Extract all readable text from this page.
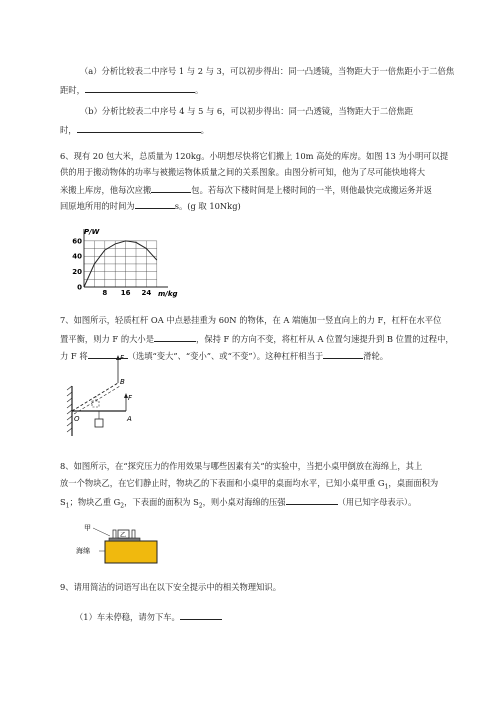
（a）分析比较表二中序号 1 与 2 与 3，可以初步得出：同一凸透镜，当物距大于一倍焦距小于二倍焦
距时，	。
（b）分析比较表二中序号 4 与 5 与 6，可以初步得出：同一凸透镜，当物距大于二倍焦距
时，	。
6、现有 20 包大米，总质量为 120kg。小明想尽快将它们搬上 10m 高处的库房。如图 13 为小明可以提
供的用于搬动物体的功率与被搬运物体质量之间的关系图象。由图分析可知，他为了尽可能快地将大
米搬上库房，他每次应搬	包。若每次下楼时间是上楼时间的一半，则他最快完成搬运务并返
回原地所用的时间为	s。(g 取 10Nkg)
60
40
20
0
8 16 24
P/W
m/kg
7、如图所示，轻质杠杆 OA 中点悬挂重为 60N 的物体，在 A 端施加一竖直向上的力 F，杠杆在水平位
置平衡，则力 F 的大小是	，保持 F 的方向不变，将杠杆从 A 位置匀速提升到 B 位置的过程中，
力 F 将	（选填“变大”、“变小”、或“不变”）。这种杠杆相当于	滑轮。
F
B
F
A
O
8、如图所示，在“探究压力的作用效果与哪些因素有关”的实验中，当把小桌甲倒放在海绵上，其上
放一个物块乙，在它们静止时，物块乙的下表面和小桌甲的桌面均水平，已知小桌甲重 $G_1$，桌面面积为
$S_1$；物块乙重 $G_2$，下表面的面积为 $S_2$，则小桌对海绵的压强	（用已知字母表示）。
甲
海绵
乙
9、请用简洁的词语写出在以下安全提示中的相关物理知识。
（1）车未停稳，请勿下车。
